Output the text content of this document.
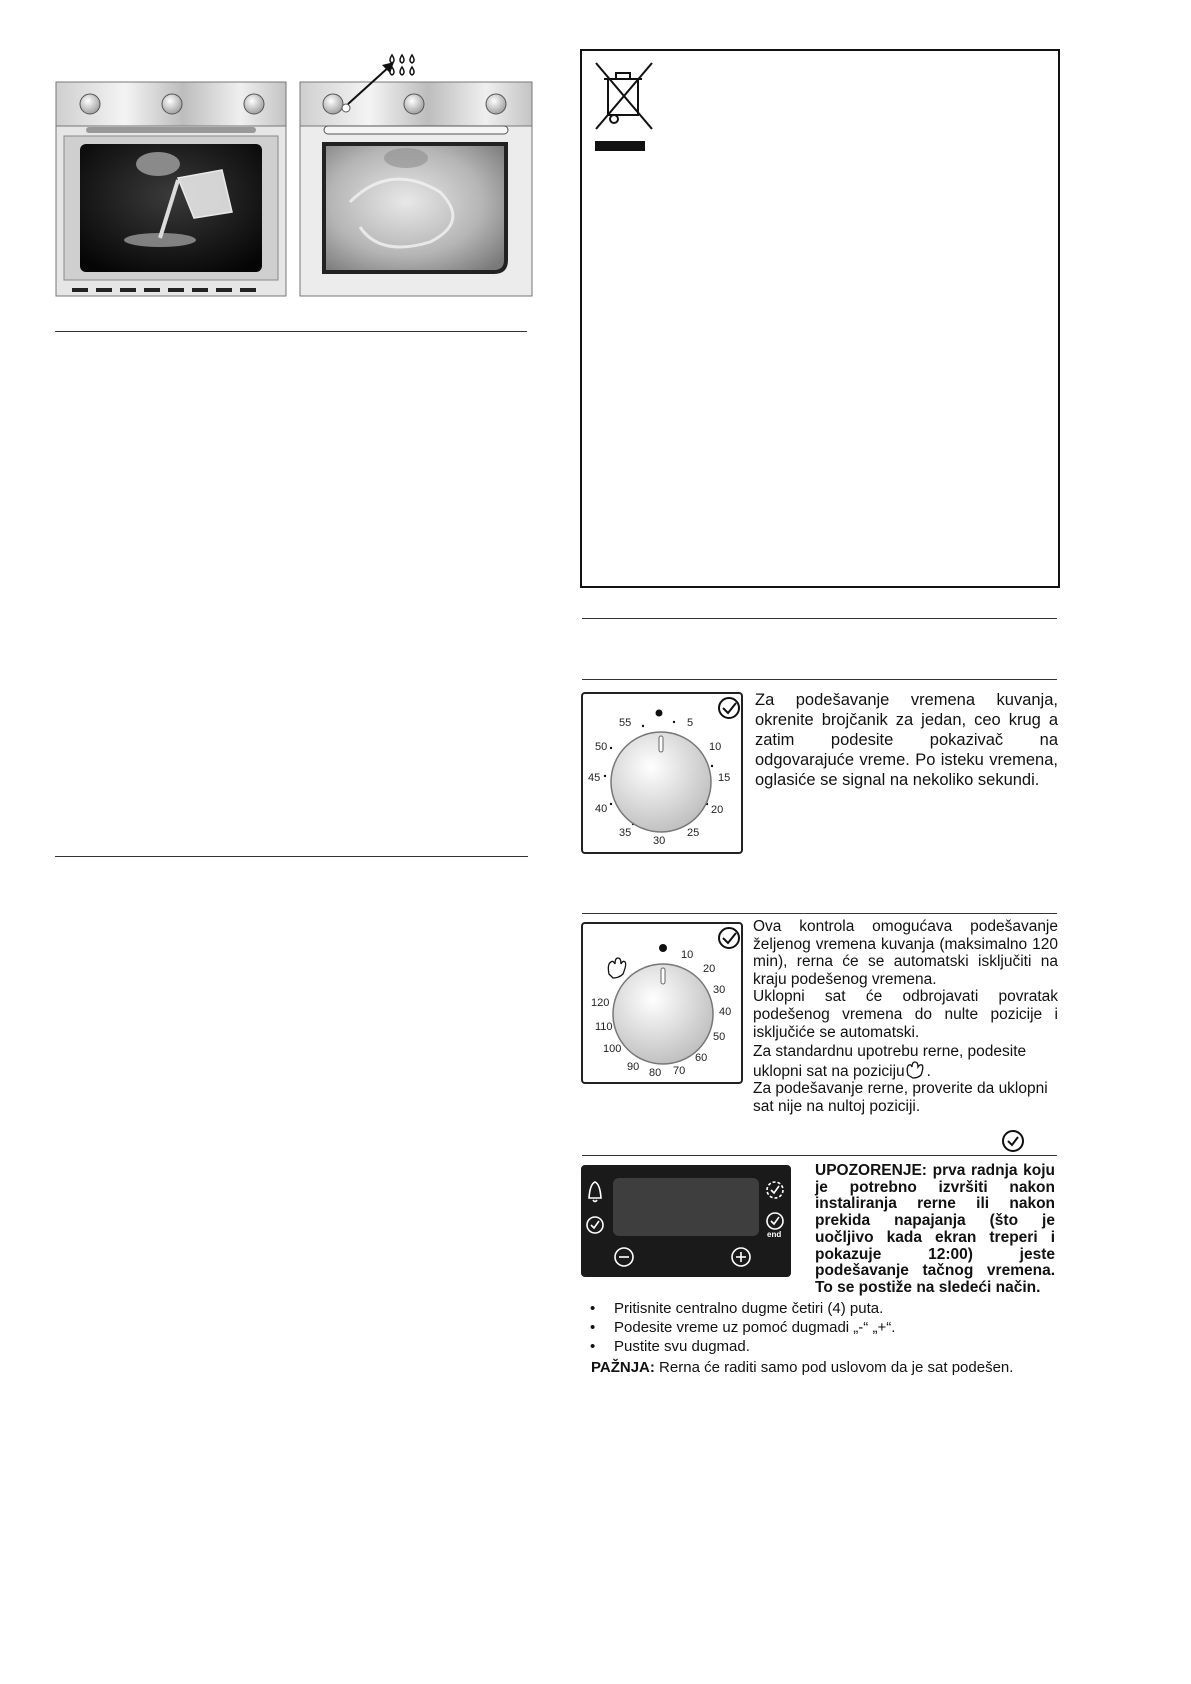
55	5
10
15
20
25
30
35
40
45
50
Za podešavanje vremena kuvanja, okrenite brojčanik za jedan, ceo krug a zatim podesite pokazivač na odgovarajuće vreme. Po isteku vremena, oglasiće se signal na nekoliko sekundi.
10
20
30
40
50
60
70
80
90
100
110
120

Ova kontrola omogućava podešavanje željenog vremena kuvanja (maksimalno 120 min), rerna će se automatski isključiti na kraju podešenog vremena.

Uklopni sat će odbrojavati povratak podešenog vremena do nulte pozicije i isključiće se automatski.

Za standardnu upotrebu rerne, podesite uklopni sat na poziciju .

Za podešavanje rerne, proverite da uklopni sat nije na nultoj poziciji.

end
UPOZORENJE: prva radnja koju je potrebno izvršiti nakon instaliranja rerne ili nakon prekida napajanja (što je uočljivo kada ekran treperi i pokazuje 12:00) jeste podešavanje tačnog vremena. To se postiže na sledeći način.
• Pritisnite centralno dugme četiri (4) puta.
• Podesite vreme uz pomoć dugmadi „-“ „+“.
• Pustite svu dugmad.
PAŽNJA: Rerna će raditi samo pod uslovom da je sat podešen.
